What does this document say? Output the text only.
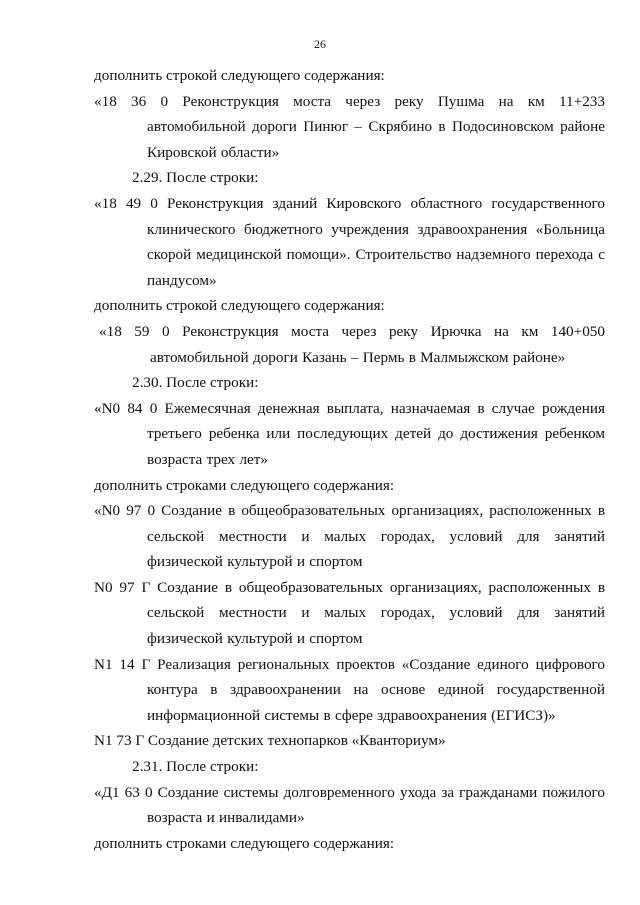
26

дополнить строкой следующего содержания:

«18 36 0 Реконструкция моста через реку Пушма на км 11+233 автомобильной дороги Пинюг – Скрябино в Подосиновском районе Кировской области»

2.29. После строки:

«18 49 0 Реконструкция зданий Кировского областного государственного клинического бюджетного учреждения здравоохранения «Больница скорой медицинской помощи». Строительство надземного перехода с пандусом»

дополнить строкой следующего содержания:

«18 59 0 Реконструкция моста через реку Ирючка на км 140+050 автомобильной дороги Казань – Пермь в Малмыжском районе»

2.30. После строки:

«N0 84 0 Ежемесячная денежная выплата, назначаемая в случае рождения третьего ребенка или последующих детей до достижения ребенком возраста трех лет»

дополнить строками следующего содержания:

«N0 97 0 Создание в общеобразовательных организациях, расположенных в сельской местности и малых городах, условий для занятий физической культурой и спортом

N0 97 Г Создание в общеобразовательных организациях, расположенных в сельской местности и малых городах, условий для занятий физической культурой и спортом

N1 14 Г Реализация региональных проектов «Создание единого цифрового контура в здравоохранении на основе единой государственной информационной системы в сфере здравоохранения (ЕГИСЗ)»

N1 73 Г Создание детских технопарков «Кванториум»

2.31. После строки:

«Д1 63 0 Создание системы долговременного ухода за гражданами пожилого возраста и инвалидами»

дополнить строками следующего содержания:
